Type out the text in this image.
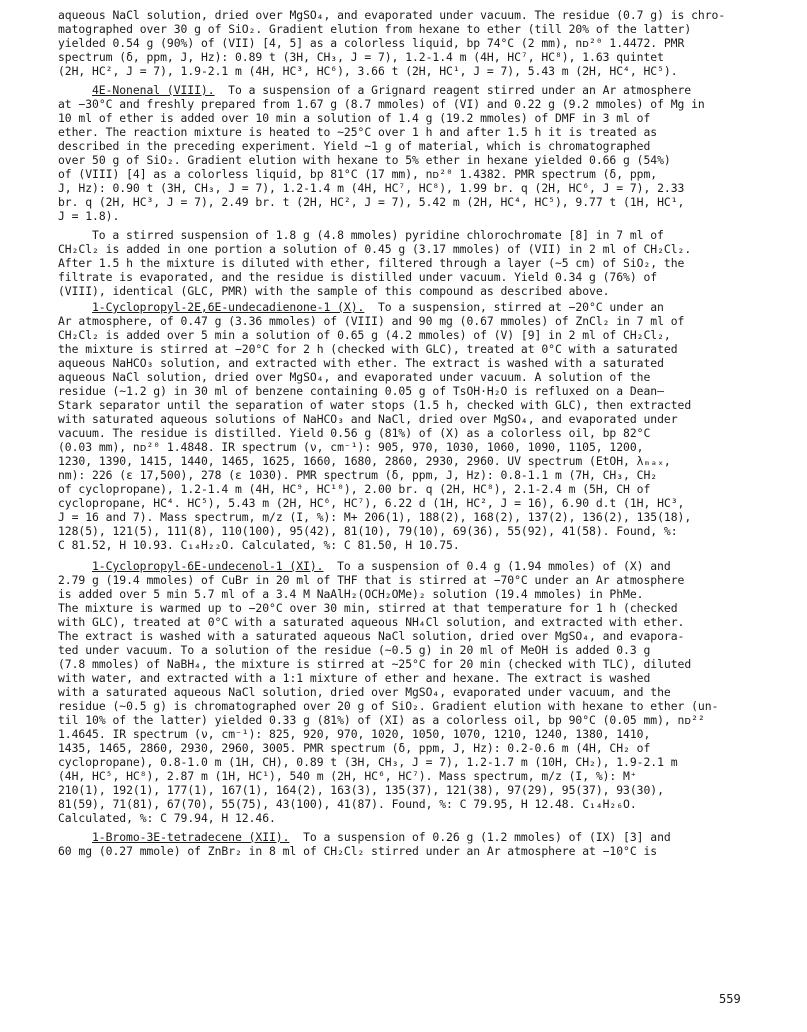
aqueous NaCl solution, dried over MgSO₄, and evaporated under vacuum. The residue (0.7 g) is chro-
matographed over 30 g of SiO₂. Gradient elution from hexane to ether (till 20% of the latter)
yielded 0.54 g (90%) of (VII) [4, 5] as a colorless liquid, bp 74°C (2 mm), nᴅ²⁰ 1.4472. PMR
spectrum (δ, ppm, J, Hz): 0.89 t (3H, CH₃, J = 7), 1.2-1.4 m (4H, HC⁷, HC⁸), 1.63 quintet
(2H, HC², J = 7), 1.9-2.1 m (4H, HC³, HC⁶), 3.66 t (2H, HC¹, J = 7), 5.43 m (2H, HC⁴, HC⁵).
4E-Nonenal (VIII). To a suspension of a Grignard reagent stirred under an Ar atmosphere
at −30°C and freshly prepared from 1.67 g (8.7 mmoles) of (VI) and 0.22 g (9.2 mmoles) of Mg in
10 ml of ether is added over 10 min a solution of 1.4 g (19.2 mmoles) of DMF in 3 ml of
ether. The reaction mixture is heated to ~25°C over 1 h and after 1.5 h it is treated as
described in the preceding experiment. Yield ~1 g of material, which is chromatographed
over 50 g of SiO₂. Gradient elution with hexane to 5% ether in hexane yielded 0.66 g (54%)
of (VIII) [4] as a colorless liquid, bp 81°C (17 mm), nᴅ²⁰ 1.4382. PMR spectrum (δ, ppm,
J, Hz): 0.90 t (3H, CH₃, J = 7), 1.2-1.4 m (4H, HC⁷, HC⁸), 1.99 br. q (2H, HC⁶, J = 7), 2.33
br. q (2H, HC³, J = 7), 2.49 br. t (2H, HC², J = 7), 5.42 m (2H, HC⁴, HC⁵), 9.77 t (1H, HC¹,
J = 1.8).
To a stirred suspension of 1.8 g (4.8 mmoles) pyridine chlorochromate [8] in 7 ml of
CH₂Cl₂ is added in one portion a solution of 0.45 g (3.17 mmoles) of (VII) in 2 ml of CH₂Cl₂.
After 1.5 h the mixture is diluted with ether, filtered through a layer (~5 cm) of SiO₂, the
filtrate is evaporated, and the residue is distilled under vacuum. Yield 0.34 g (76%) of
(VIII), identical (GLC, PMR) with the sample of this compound as described above.
1-Cyclopropyl-2E,6E-undecadienone-1 (X). To a suspension, stirred at −20°C under an
Ar atmosphere, of 0.47 g (3.36 mmoles) of (VIII) and 90 mg (0.67 mmoles) of ZnCl₂ in 7 ml of
CH₂Cl₂ is added over 5 min a solution of 0.65 g (4.2 mmoles) of (V) [9] in 2 ml of CH₂Cl₂,
the mixture is stirred at −20°C for 2 h (checked with GLC), treated at 0°C with a saturated
aqueous NaHCO₃ solution, and extracted with ether. The extract is washed with a saturated
aqueous NaCl solution, dried over MgSO₄, and evaporated under vacuum. A solution of the
residue (~1.2 g) in 30 ml of benzene containing 0.05 g of TsOH·H₂O is refluxed on a Dean–
Stark separator until the separation of water stops (1.5 h, checked with GLC), then extracted
with saturated aqueous solutions of NaHCO₃ and NaCl, dried over MgSO₄, and evaporated under
vacuum. The residue is distilled. Yield 0.56 g (81%) of (X) as a colorless oil, bp 82°C
(0.03 mm), nᴅ²⁰ 1.4848. IR spectrum (ν, cm⁻¹): 905, 970, 1030, 1060, 1090, 1105, 1200,
1230, 1390, 1415, 1440, 1465, 1625, 1660, 1680, 2860, 2930, 2960. UV spectrum (EtOH, λₘₐₓ,
nm): 226 (ε 17,500), 278 (ε 1030). PMR spectrum (δ, ppm, J, Hz): 0.8-1.1 m (7H, CH₃, CH₂
of cyclopropane), 1.2-1.4 m (4H, HC⁹, HC¹⁰), 2.00 br. q (2H, HC⁸), 2.1-2.4 m (5H, CH of
cyclopropane, HC⁴. HC⁵), 5.43 m (2H, HC⁶, HC⁷), 6.22 d (1H, HC², J = 16), 6.90 d.t (1H, HC³,
J = 16 and 7). Mass spectrum, m/z (I, %): M+ 206(1), 188(2), 168(2), 137(2), 136(2), 135(18),
128(5), 121(5), 111(8), 110(100), 95(42), 81(10), 79(10), 69(36), 55(92), 41(58). Found, %:
C 81.52, H 10.93. C₁₄H₂₂O. Calculated, %: C 81.50, H 10.75.
1-Cyclopropyl-6E-undecenol-1 (XI). To a suspension of 0.4 g (1.94 mmoles) of (X) and
2.79 g (19.4 mmoles) of CuBr in 20 ml of THF that is stirred at −70°C under an Ar atmosphere
is added over 5 min 5.7 ml of a 3.4 M NaAlH₂(OCH₂OMe)₂ solution (19.4 mmoles) in PhMe.
The mixture is warmed up to −20°C over 30 min, stirred at that temperature for 1 h (checked
with GLC), treated at 0°C with a saturated aqueous NH₄Cl solution, and extracted with ether.
The extract is washed with a saturated aqueous NaCl solution, dried over MgSO₄, and evapora-
ted under vacuum. To a solution of the residue (~0.5 g) in 20 ml of MeOH is added 0.3 g
(7.8 mmoles) of NaBH₄, the mixture is stirred at ~25°C for 20 min (checked with TLC), diluted
with water, and extracted with a 1:1 mixture of ether and hexane. The extract is washed
with a saturated aqueous NaCl solution, dried over MgSO₄, evaporated under vacuum, and the
residue (~0.5 g) is chromatographed over 20 g of SiO₂. Gradient elution with hexane to ether (un-
til 10% of the latter) yielded 0.33 g (81%) of (XI) as a colorless oil, bp 90°C (0.05 mm), nᴅ²²
1.4645. IR spectrum (ν, cm⁻¹): 825, 920, 970, 1020, 1050, 1070, 1210, 1240, 1380, 1410,
1435, 1465, 2860, 2930, 2960, 3005. PMR spectrum (δ, ppm, J, Hz): 0.2-0.6 m (4H, CH₂ of
cyclopropane), 0.8-1.0 m (1H, CH), 0.89 t (3H, CH₃, J = 7), 1.2-1.7 m (10H, CH₂), 1.9-2.1 m
(4H, HC⁵, HC⁸), 2.87 m (1H, HC¹), 540 m (2H, HC⁶, HC⁷). Mass spectrum, m/z (I, %): M⁺
210(1), 192(1), 177(1), 167(1), 164(2), 163(3), 135(37), 121(38), 97(29), 95(37), 93(30),
81(59), 71(81), 67(70), 55(75), 43(100), 41(87). Found, %: C 79.95, H 12.48. C₁₄H₂₆O.
Calculated, %: C 79.94, H 12.46.
1-Bromo-3E-tetradecene (XII). To a suspension of 0.26 g (1.2 mmoles) of (IX) [3] and
60 mg (0.27 mmole) of ZnBr₂ in 8 ml of CH₂Cl₂ stirred under an Ar atmosphere at −10°C is
559
